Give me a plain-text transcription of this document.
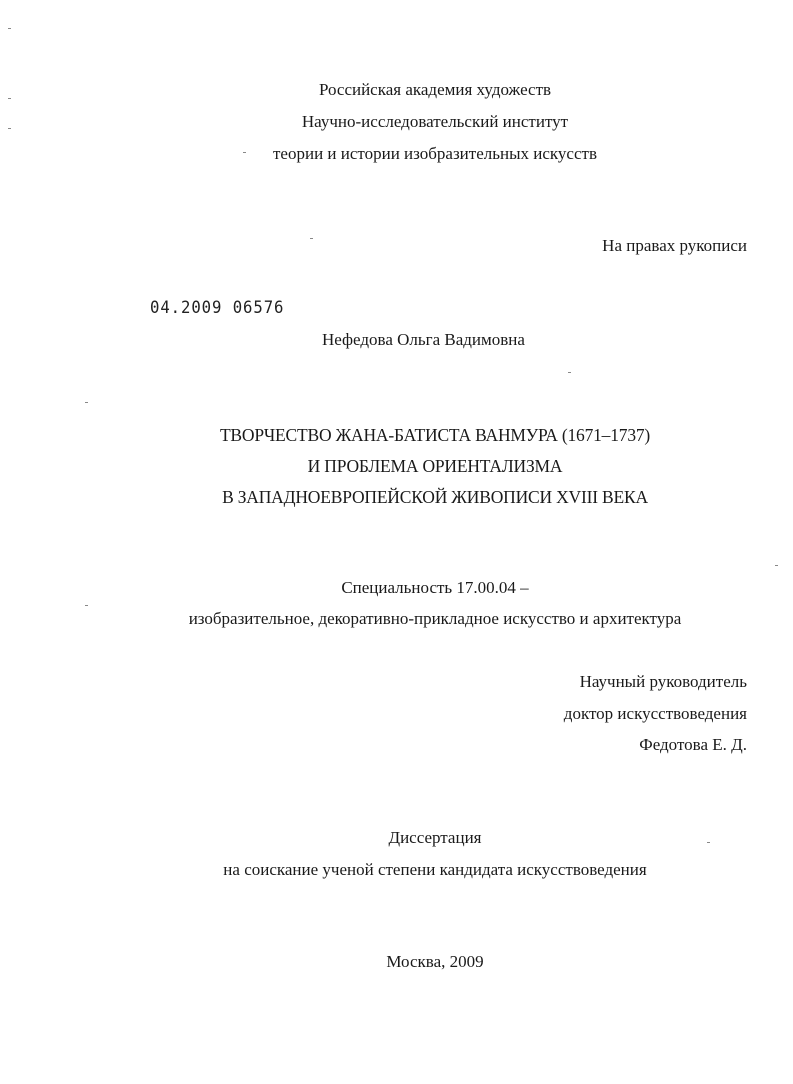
Российская академия художеств
Научно-исследовательский институт
теории и истории изобразительных искусств
На правах рукописи
04.2009 06576
Нефедова Ольга Вадимовна
ТВОРЧЕСТВО ЖАНА-БАТИСТА ВАНМУРА (1671–1737)
И ПРОБЛЕМА ОРИЕНТАЛИЗМА
В ЗАПАДНОЕВРОПЕЙСКОЙ ЖИВОПИСИ XVIII ВЕКА
Специальность 17.00.04 –
изобразительное, декоративно-прикладное искусство и архитектура
Научный руководитель
доктор искусствоведения
Федотова Е. Д.
Диссертация
на соискание ученой степени кандидата искусствоведения
Москва, 2009
